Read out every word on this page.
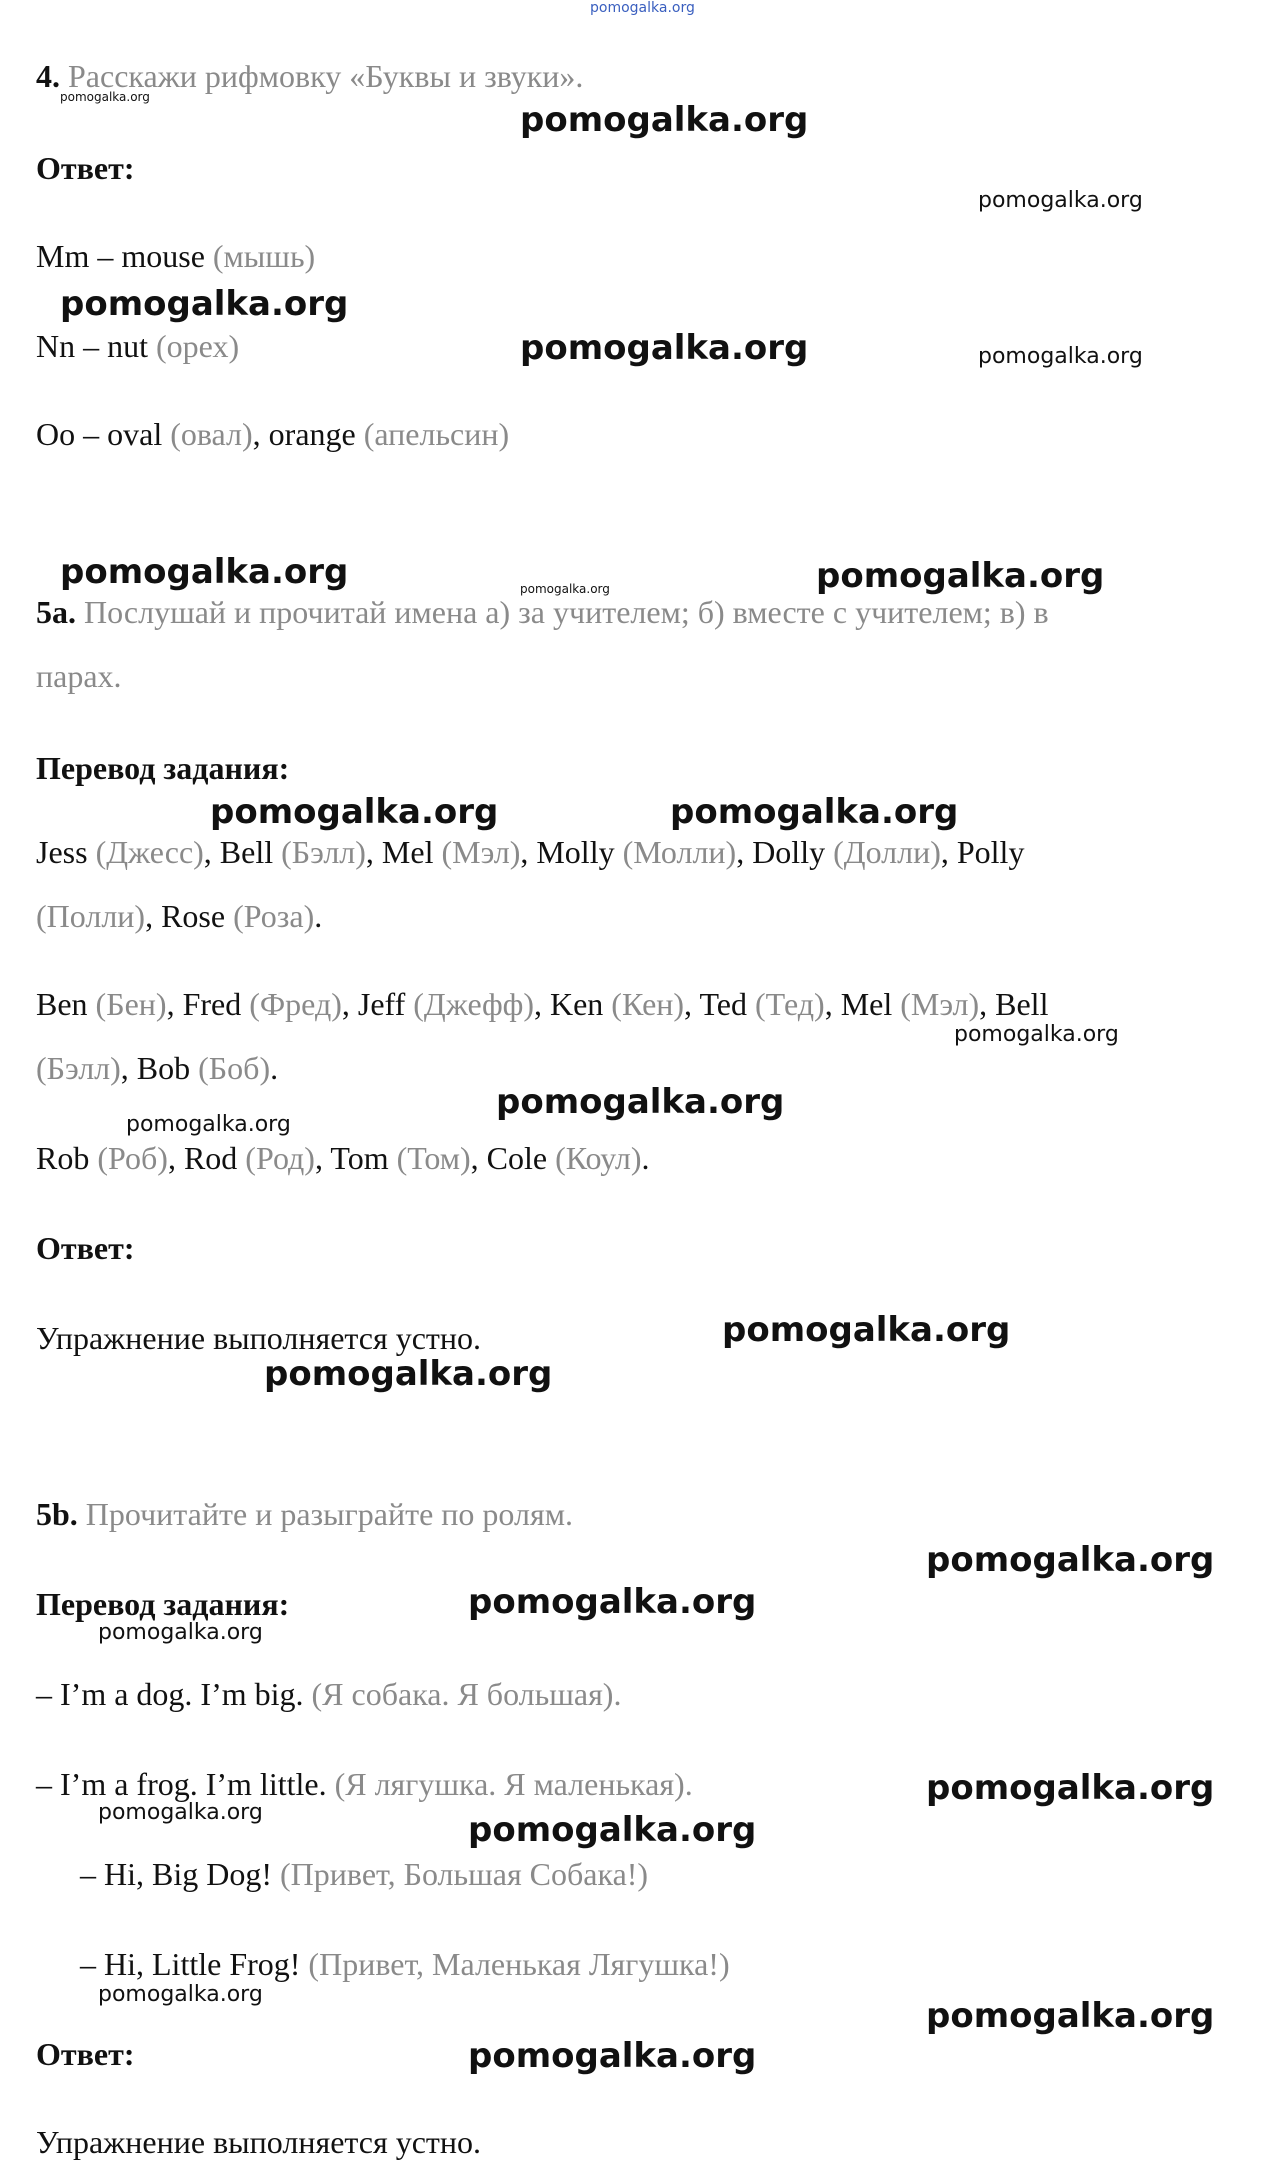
pomogalka.org
4. Расскажи рифмовку «Буквы и звуки».
Ответ:
Mm – mouse (мышь)
Nn – nut (орех)
Oo – oval (овал), orange (апельсин)
5a. Послушай и прочитай имена а) за учителем; б) вместе с учителем; в) в
парах.
Перевод задания:
Jess (Джесс), Bell (Бэлл), Mel (Мэл), Molly (Молли), Dolly (Долли), Polly
(Полли), Rose (Роза).
Ben (Бен), Fred (Фред), Jeff (Джефф), Ken (Кен), Ted (Тед), Mel (Мэл), Bell
(Бэлл), Bob (Боб).
Rob (Роб), Rod (Род), Tom (Том), Cole (Коул).
Ответ:
Упражнение выполняется устно.
5b. Прочитайте и разыграйте по ролям.
Перевод задания:
– I’m a dog. I’m big. (Я собака. Я большая).
– I’m a frog. I’m little. (Я лягушка. Я маленькая).
– Hi, Big Dog! (Привет, Большая Собака!)
– Hi, Little Frog! (Привет, Маленькая Лягушка!)
Ответ:
Упражнение выполняется устно.
pomogalka.org
pomogalka.org
pomogalka.org
pomogalka.org
pomogalka.org	pomogalka.org
pomogalka.org	pomogalka.org	pomogalka.org
pomogalka.org	pomogalka.org
pomogalka.org
pomogalka.org
pomogalka.org
pomogalka.org
pomogalka.org
pomogalka.org
pomogalka.org
pomogalka.org
pomogalka.org
pomogalka.org	pomogalka.org
pomogalka.org
pomogalka.org
pomogalka.org
